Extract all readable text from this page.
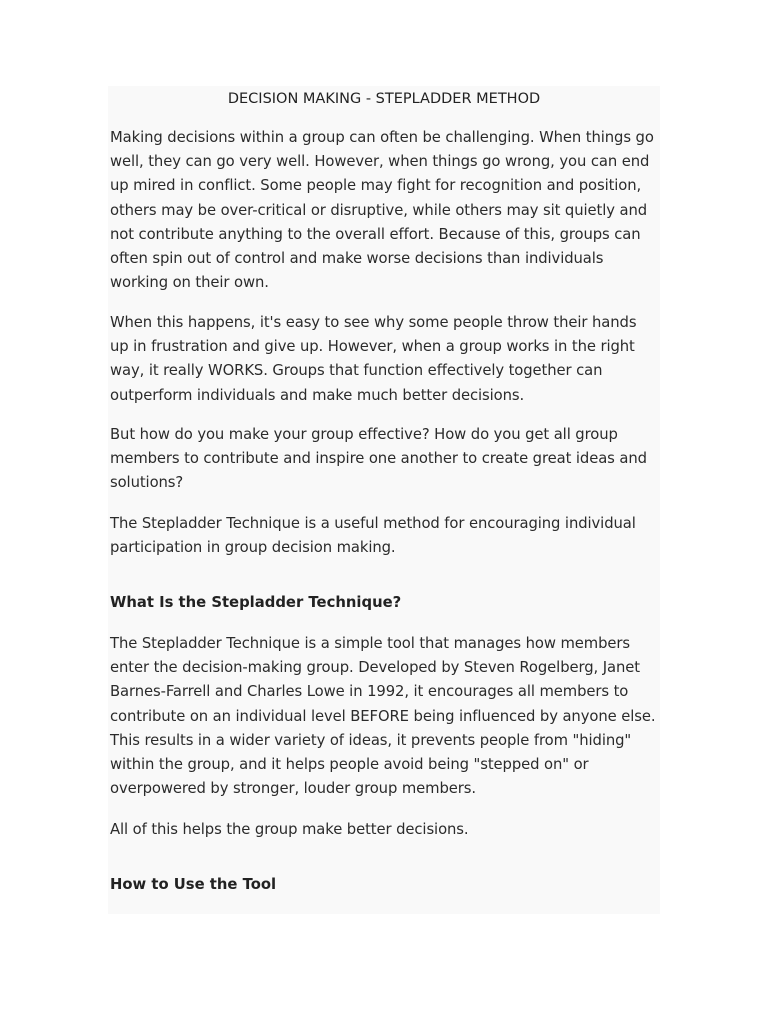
DECISION MAKING - STEPLADDER METHOD

Making decisions within a group can often be challenging. When things go well, they can go very well. However, when things go wrong, you can end up mired in conflict. Some people may fight for recognition and position, others may be over-critical or disruptive, while others may sit quietly and not contribute anything to the overall effort. Because of this, groups can often spin out of control and make worse decisions than individuals working on their own.

When this happens, it's easy to see why some people throw their hands up in frustration and give up. However, when a group works in the right way, it really WORKS. Groups that function effectively together can outperform individuals and make much better decisions.

But how do you make your group effective? How do you get all group members to contribute and inspire one another to create great ideas and solutions?

The Stepladder Technique is a useful method for encouraging individual participation in group decision making.

What Is the Stepladder Technique?

The Stepladder Technique is a simple tool that manages how members enter the decision-making group. Developed by Steven Rogelberg, Janet Barnes-Farrell and Charles Lowe in 1992, it encourages all members to contribute on an individual level BEFORE being influenced by anyone else. This results in a wider variety of ideas, it prevents people from "hiding" within the group, and it helps people avoid being "stepped on" or overpowered by stronger, louder group members.

All of this helps the group make better decisions.

How to Use the Tool
